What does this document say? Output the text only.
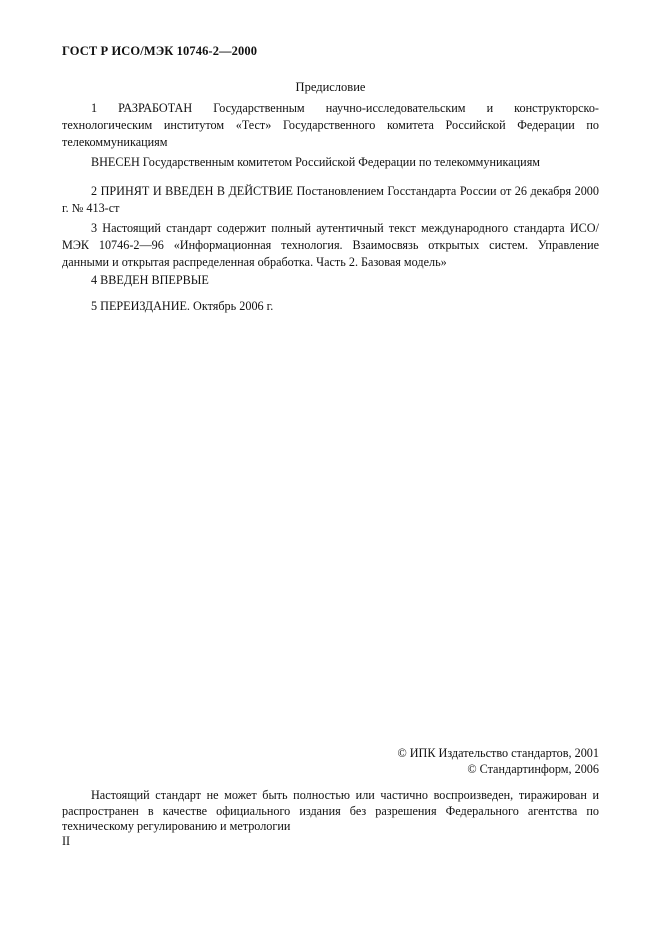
ГОСТ Р ИСО/МЭК 10746-2—2000
Предисловие
1 РАЗРАБОТАН Государственным научно-исследовательским и конструкторско-технологическим институтом «Тест» Государственного комитета Российской Федерации по телекоммуникациям
ВНЕСЕН Государственным комитетом Российской Федерации по телекоммуникациям
2 ПРИНЯТ И ВВЕДЕН В ДЕЙСТВИЕ Постановлением Госстандарта России от 26 декабря 2000 г. № 413-ст
3 Настоящий стандарт содержит полный аутентичный текст международного стандарта ИСО/МЭК 10746-2—96 «Информационная технология. Взаимосвязь открытых систем. Управление данными и открытая распределенная обработка. Часть 2. Базовая модель»
4 ВВЕДЕН ВПЕРВЫЕ
5 ПЕРЕИЗДАНИЕ. Октябрь 2006 г.
© ИПК Издательство стандартов, 2001
© Стандартинформ, 2006
Настоящий стандарт не может быть полностью или частично воспроизведен, тиражирован и распространен в качестве официального издания без разрешения Федерального агентства по техническому регулированию и метрологии
II
